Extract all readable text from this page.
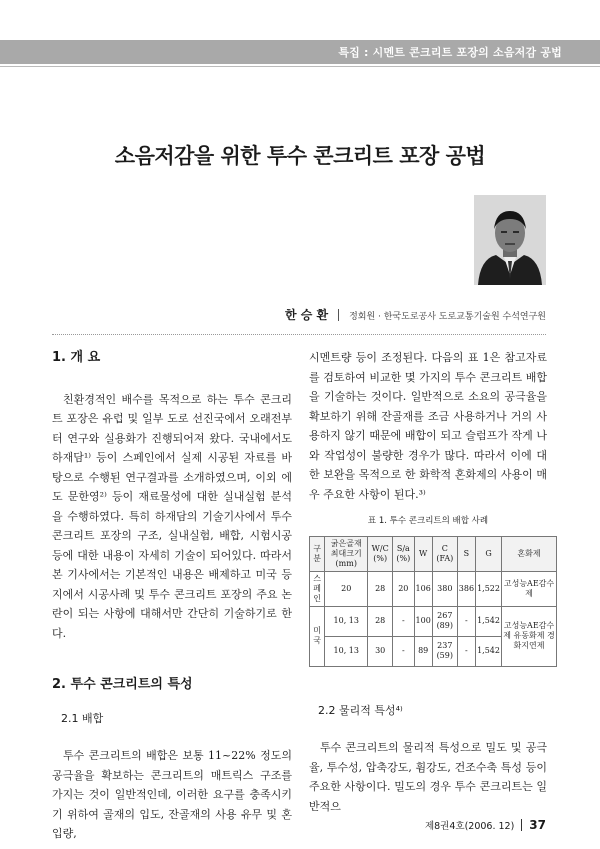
특집 : 시멘트 콘크리트 포장의 소음저감 공법
소음저감을 위한 투수 콘크리트 포장 공법
한 승 환 정회원 · 한국도로공사 도로교통기술원 수석연구원
1. 개 요

친환경적인 배수를 목적으로 하는 투수 콘크리트 포장은 유럽 및 일부 도로 선진국에서 오래전부터 연구와 실용화가 진행되어져 왔다. 국내에서도 하재담¹⁾ 등이 스페인에서 실제 시공된 자료를 바탕으로 수행된 연구결과를 소개하였으며, 이외 에도 문한영²⁾ 등이 재료물성에 대한 실내실험 분석을 수행하였다. 특히 하재담의 기술기사에서 투수 콘크리트 포장의 구조, 실내실험, 배합, 시험시공 등에 대한 내용이 자세히 기술이 되어있다. 따라서 본 기사에서는 기본적인 내용은 배제하고 미국 등지에서 시공사례 및 투수 콘크리트 포장의 주요 논란이 되는 사항에 대해서만 간단히 기술하기로 한다.

2. 투수 콘크리트의 특성
2.1 배합

투수 콘크리트의 배합은 보통 11~22% 정도의 공극율을 확보하는 콘크리트의 매트릭스 구조를 가지는 것이 일반적인데, 이러한 요구를 충족시키기 위하여 골재의 입도, 잔골재의 사용 유무 및 혼입량,

시멘트량 등이 조정된다. 다음의 표 1은 참고자료를 검토하여 비교한 몇 가지의 투수 콘크리트 배합을 기술하는 것이다. 일반적으로 소요의 공극율을 확보하기 위해 잔골재를 조금 사용하거나 거의 사용하지 않기 때문에 배합이 되고 슬럼프가 작게 나와 작업성이 불량한 경우가 많다. 따라서 이에 대한 보완을 목적으로 한 화학적 혼화제의 사용이 매우 주요한 사항이 된다.³⁾

표 1. 투수 콘크리트의 배합 사례
구 분	굵은골재 최대크기 (mm)	W/C (%)	S/a (%)	W	C (FA)	S	G	혼화제
스페인	20	28	20	106	380	386	1,522	고성능AE감수제
미국	10, 13	28	-	100	267 (89)	-	1,542	고성능AE감수제 유동화제 경화지연제
	10, 13	30	-	89	237 (59)	-	1,542	
2.2 물리적 특성⁴⁾

투수 콘크리트의 물리적 특성으로 밀도 및 공극율, 투수성, 압축강도, 휨강도, 건조수축 특성 등이 주요한 사항이다. 밀도의 경우 투수 콘크리트는 일반적으

제8권4호(2006. 12) 37
